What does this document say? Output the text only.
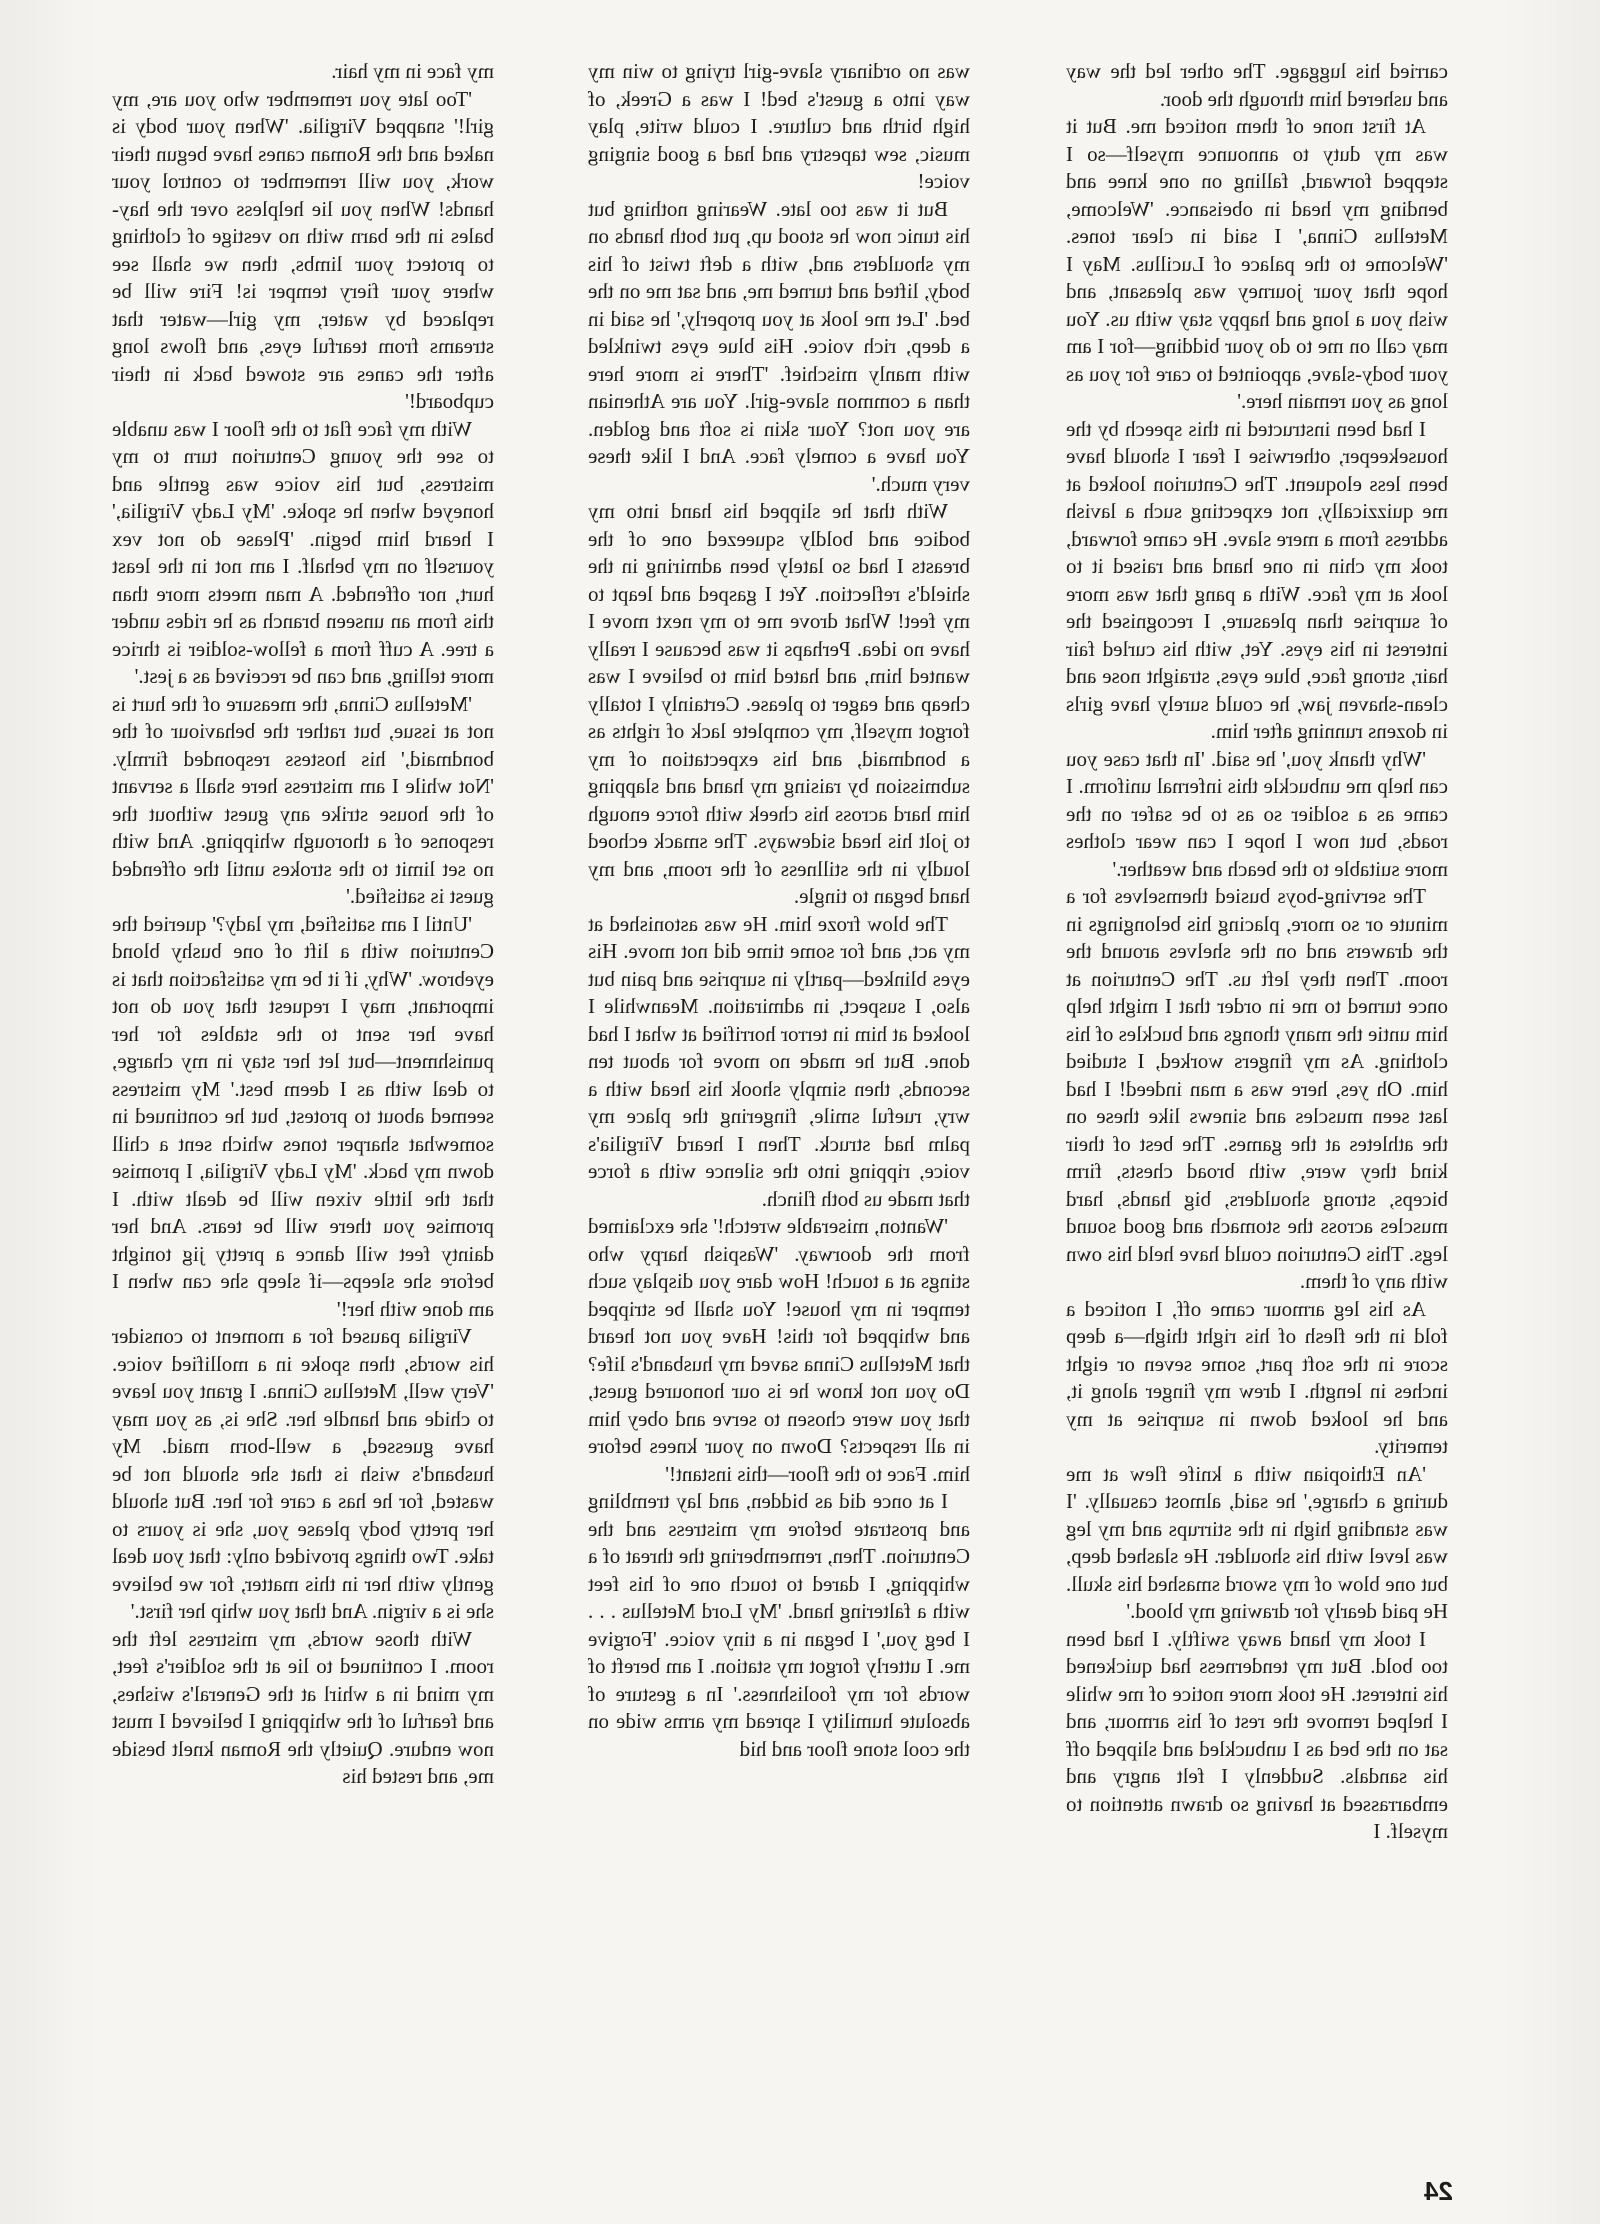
carried his luggage. The other led the way and ushered him through the door.

At first none of them noticed me. But it was my duty to announce myself—so I stepped forward, falling on one knee and bending my head in obeisance. 'Welcome, Metellus Cinna,' I said in clear tones. 'Welcome to the palace of Lucillus. May I hope that your journey was pleasant, and wish you a long and happy stay with us. You may call on me to do your bidding—for I am your body-slave, appointed to care for you as long as you remain here.'

I had been instructed in this speech by the housekeeper, otherwise I fear I should have been less eloquent. The Centurion looked at me quizzically, not expecting such a lavish address from a mere slave. He came forward, took my chin in one hand and raised it to look at my face. With a pang that was more of surprise than pleasure, I recognised the interest in his eyes. Yet, with his curled fair hair, strong face, blue eyes, straight nose and clean-shaven jaw, he could surely have girls in dozens running after him.

'Why thank you,' he said. 'In that case you can help me unbuckle this infernal uniform. I came as a soldier so as to be safer on the roads, but now I hope I can wear clothes more suitable to the beach and weather.'

The serving-boys busied themselves for a minute or so more, placing his belongings in the drawers and on the shelves around the room. Then they left us. The Centurion at once turned to me in order that I might help him untie the many thongs and buckles of his clothing. As my fingers worked, I studied him. Oh yes, here was a man indeed! I had last seen muscles and sinews like these on the athletes at the games. The best of their kind they were, with broad chests, firm biceps, strong shoulders, big hands, hard muscles across the stomach and good sound legs. This Centurion could have held his own with any of them.

As his leg armour came off, I noticed a fold in the flesh of his right thigh—a deep score in the soft part, some seven or eight inches in length. I drew my finger along it, and he looked down in surprise at my temerity.

'An Ethiopian with a knife flew at me during a charge,' he said, almost casually. 'I was standing high in the stirrups and my leg was level with his shoulder. He slashed deep, but one blow of my sword smashed his skull. He paid dearly for drawing my blood.'

I took my hand away swiftly. I had been too bold. But my tenderness had quickened his interest. He took more notice of me while I helped remove the rest of his armour, and sat on the bed as I unbuckled and slipped off his sandals. Suddenly I felt angry and embarrassed at having so drawn attention to myself. I

was no ordinary slave-girl trying to win my way into a guest's bed! I was a Greek, of high birth and culture. I could write, play music, sew tapestry and had a good singing voice!

But it was too late. Wearing nothing but his tunic now he stood up, put both hands on my shoulders and, with a deft twist of his body, lifted and turned me, and sat me on the bed. 'Let me look at you properly,' he said in a deep, rich voice. His blue eyes twinkled with manly mischief. 'There is more here than a common slave-girl. You are Athenian are you not? Your skin is soft and golden. You have a comely face. And I like these very much.'

With that he slipped his hand into my bodice and boldly squeezed one of the breasts I had so lately been admiring in the shield's reflection. Yet I gasped and leapt to my feet! What drove me to my next move I have no idea. Perhaps it was because I really wanted him, and hated him to believe I was cheap and eager to please. Certainly I totally forgot myself, my complete lack of rights as a bondmaid, and his expectation of my submission by raising my hand and slapping him hard across his cheek with force enough to jolt his head sideways. The smack echoed loudly in the stillness of the room, and my hand began to tingle.

The blow froze him. He was astonished at my act, and for some time did not move. His eyes blinked—partly in surprise and pain but also, I suspect, in admiration. Meanwhile I looked at him in terror horrified at what I had done. But he made no move for about ten seconds, then simply shook his head with a wry, rueful smile, fingering the place my palm had struck. Then I heard Virgilia's voice, ripping into the silence with a force that made us both flinch.

'Wanton, miserable wretch!' she exclaimed from the doorway. 'Waspish harpy who stings at a touch! How dare you display such temper in my house! You shall be stripped and whipped for this! Have you not heard that Metellus Cinna saved my husband's life? Do you not know he is our honoured guest, that you were chosen to serve and obey him in all respects? Down on your knees before him. Face to the floor—this instant!'

I at once did as bidden, and lay trembling and prostrate before my mistress and the Centurion. Then, remembering the threat of a whipping, I dared to touch one of his feet with a faltering hand. 'My Lord Metellus . . . I beg you,' I began in a tiny voice. 'Forgive me. I utterly forgot my station. I am bereft of words for my foolishness.' In a gesture of absolute humility I spread my arms wide on the cool stone floor and hid

my face in my hair.

'Too late you remember who you are, my girl!' snapped Virgilia. 'When your body is naked and the Roman canes have begun their work, you will remember to control your hands! When you lie helpless over the hay-bales in the barn with no vestige of clothing to protect your limbs, then we shall see where your fiery temper is! Fire will be replaced by water, my girl—water that streams from tearful eyes, and flows long after the canes are stowed back in their cupboard!'

With my face flat to the floor I was unable to see the young Centurion turn to my mistress, but his voice was gentle and honeyed when he spoke. 'My Lady Virgilia,' I heard him begin. 'Please do not vex yourself on my behalf. I am not in the least hurt, nor offended. A man meets more than this from an unseen branch as he rides under a tree. A cuff from a fellow-soldier is thrice more telling, and can be received as a jest.'

'Metellus Cinna, the measure of the hurt is not at issue, but rather the behaviour of the bondmaid,' his hostess responded firmly. 'Not while I am mistress here shall a servant of the house strike any guest without the response of a thorough whipping. And with no set limit to the strokes until the offended guest is satisfied.'

'Until I am satisfied, my lady?' queried the Centurion with a lift of one bushy blond eyebrow. 'Why, if it be my satisfaction that is important, may I request that you do not have her sent to the stables for her punishment—but let her stay in my charge, to deal with as I deem best.' My mistress seemed about to protest, but he continued in somewhat sharper tones which sent a chill down my back. 'My Lady Virgilia, I promise that the little vixen will be dealt with. I promise you there will be tears. And her dainty feet will dance a pretty jig tonight before she sleeps—if sleep she can when I am done with her!'

Virgilia paused for a moment to consider his words, then spoke in a mollified voice. 'Very well, Metellus Cinna. I grant you leave to chide and handle her. She is, as you may have guessed, a well-born maid. My husband's wish is that she should not be wasted, for he has a care for her. But should her pretty body please you, she is yours to take. Two things provided only: that you deal gently with her in this matter, for we believe she is a virgin. And that you whip her first.'

With those words, my mistress left the room. I continued to lie at the soldier's feet, my mind in a whirl at the General's wishes, and fearful of the whipping I believed I must now endure. Quietly the Roman knelt beside me, and rested his

24
